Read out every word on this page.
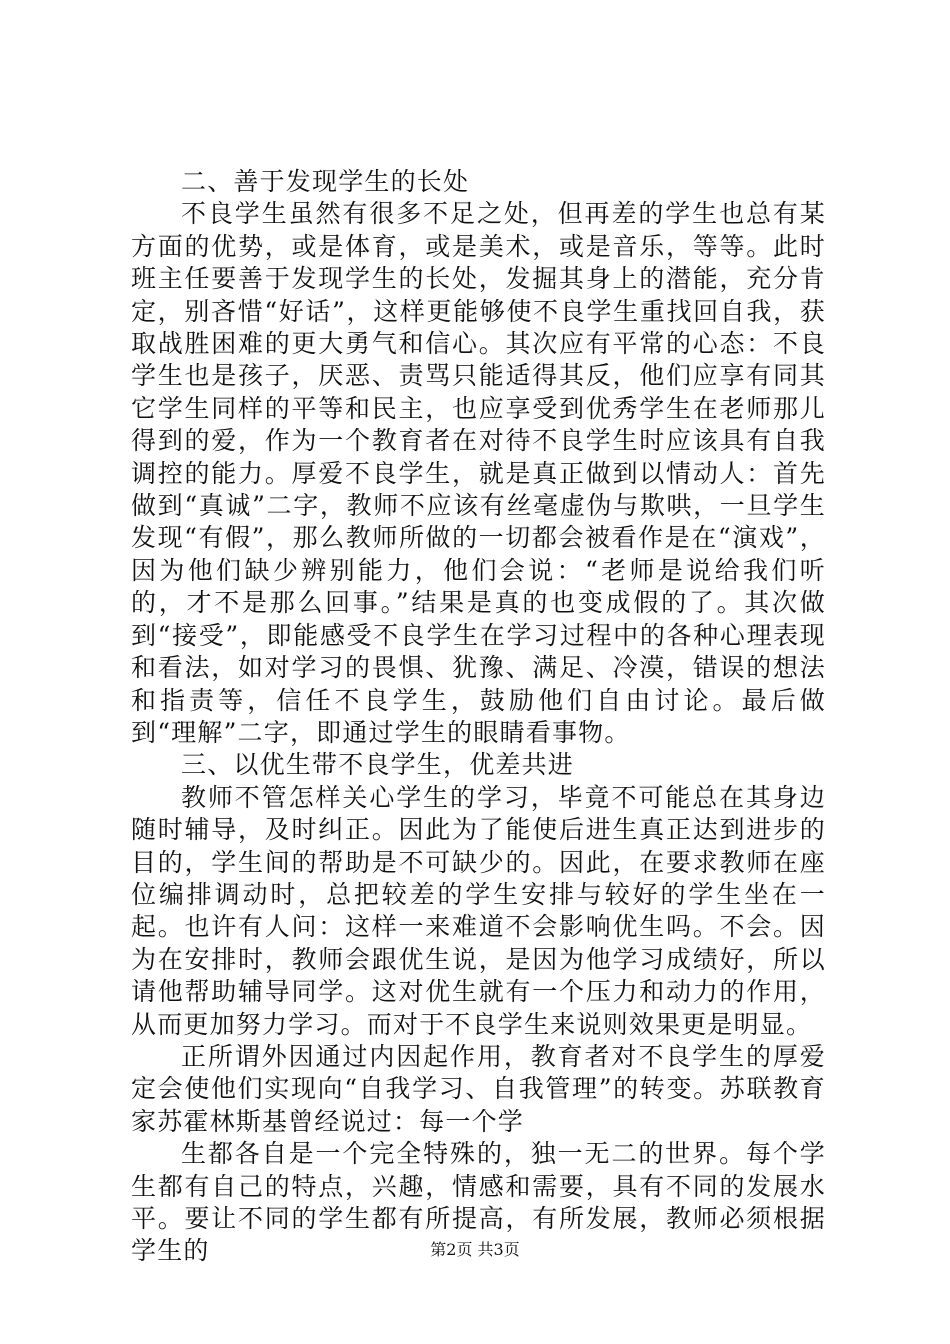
二、善于发现学生的长处

不良学生虽然有很多不足之处，但再差的学生也总有某方面的优势，或是体育，或是美术，或是音乐，等等。此时班主任要善于发现学生的长处，发掘其身上的潜能，充分肯定，别吝惜“好话”，这样更能够使不良学生重找回自我，获取战胜困难的更大勇气和信心。其次应有平常的心态：不良学生也是孩子，厌恶、责骂只能适得其反，他们应享有同其它学生同样的平等和民主，也应享受到优秀学生在老师那儿得到的爱，作为一个教育者在对待不良学生时应该具有自我调控的能力。厚爱不良学生，就是真正做到以情动人：首先做到“真诚”二字，教师不应该有丝毫虚伪与欺哄，一旦学生发现“有假”，那么教师所做的一切都会被看作是在“演戏”，因为他们缺少辨别能力，他们会说：“老师是说给我们听的，才不是那么回事。”结果是真的也变成假的了。其次做到“接受”，即能感受不良学生在学习过程中的各种心理表现和看法，如对学习的畏惧、犹豫、满足、冷漠，错误的想法和指责等，信任不良学生，鼓励他们自由讨论。最后做到“理解”二字，即通过学生的眼睛看事物。

三、以优生带不良学生，优差共进

教师不管怎样关心学生的学习，毕竟不可能总在其身边随时辅导，及时纠正。因此为了能使后进生真正达到进步的目的，学生间的帮助是不可缺少的。因此，在要求教师在座位编排调动时，总把较差的学生安排与较好的学生坐在一起。也许有人问：这样一来难道不会影响优生吗。不会。因为在安排时，教师会跟优生说，是因为他学习成绩好，所以请他帮助辅导同学。这对优生就有一个压力和动力的作用，从而更加努力学习。而对于不良学生来说则效果更是明显。

正所谓外因通过内因起作用，教育者对不良学生的厚爱定会使他们实现向“自我学习、自我管理”的转变。苏联教育家苏霍林斯基曾经说过：每一个学

生都各自是一个完全特殊的，独一无二的世界。每个学生都有自己的特点，兴趣，情感和需要，具有不同的发展水平。要让不同的学生都有所提高，有所发展，教师必须根据学生的	第2页 共3页
